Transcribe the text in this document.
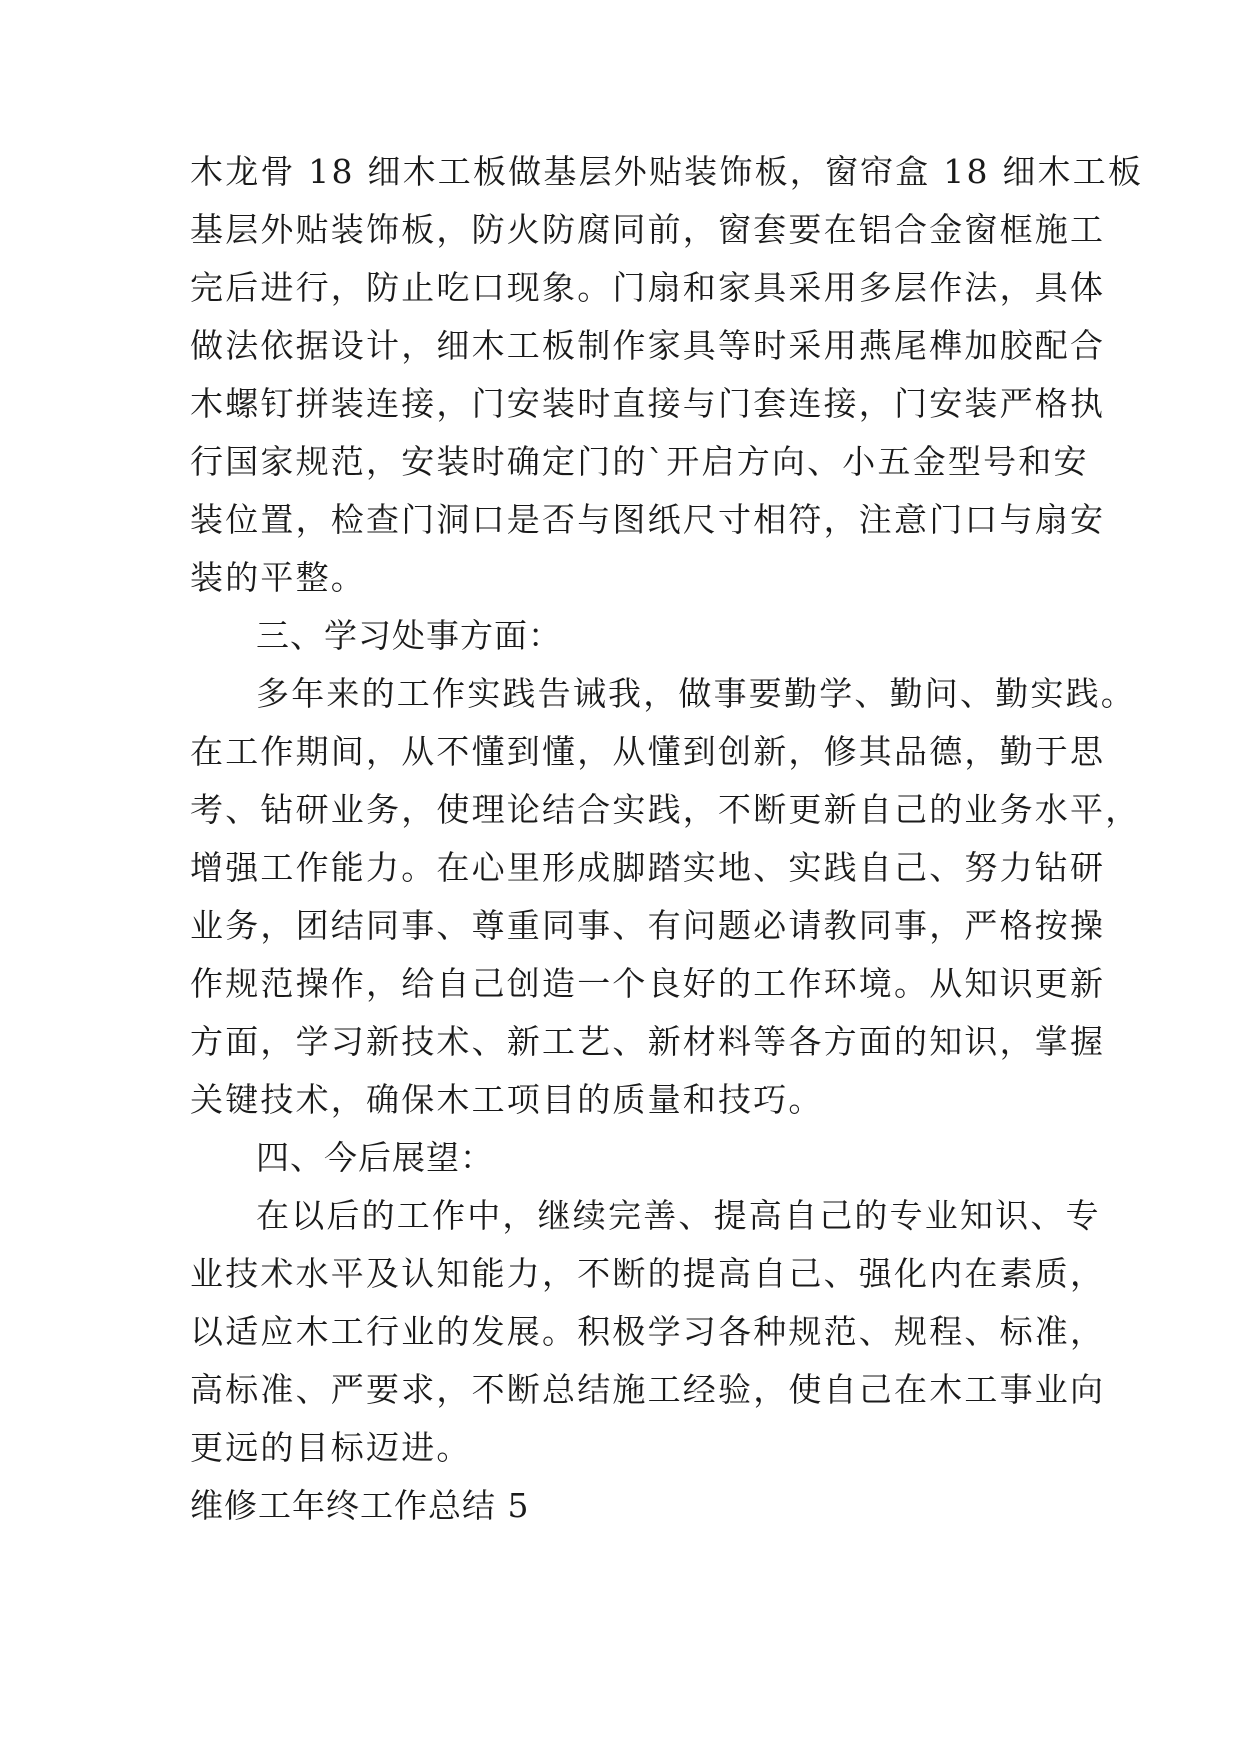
木龙骨 18 细木工板做基层外贴装饰板，窗帘盒 18 细木工板

基层外贴装饰板，防火防腐同前，窗套要在铝合金窗框施工

完后进行，防止吃口现象。门扇和家具采用多层作法，具体

做法依据设计，细木工板制作家具等时采用燕尾榫加胶配合

木螺钉拼装连接，门安装时直接与门套连接，门安装严格执

行国家规范，安装时确定门的`开启方向、小五金型号和安

装位置，检查门洞口是否与图纸尺寸相符，注意门口与扇安

装的平整。

三、学习处事方面：

多年来的工作实践告诫我，做事要勤学、勤问、勤实践。

在工作期间，从不懂到懂，从懂到创新，修其品德，勤于思

考、钻研业务，使理论结合实践，不断更新自己的业务水平，

增强工作能力。在心里形成脚踏实地、实践自己、努力钻研

业务，团结同事、尊重同事、有问题必请教同事，严格按操

作规范操作，给自己创造一个良好的工作环境。从知识更新

方面，学习新技术、新工艺、新材料等各方面的知识，掌握

关键技术，确保木工项目的质量和技巧。

四、今后展望：

在以后的工作中，继续完善、提高自己的专业知识、专

业技术水平及认知能力，不断的提高自己、强化内在素质，

以适应木工行业的发展。积极学习各种规范、规程、标准，

高标准、严要求，不断总结施工经验，使自己在木工事业向

更远的目标迈进。

维修工年终工作总结 5
